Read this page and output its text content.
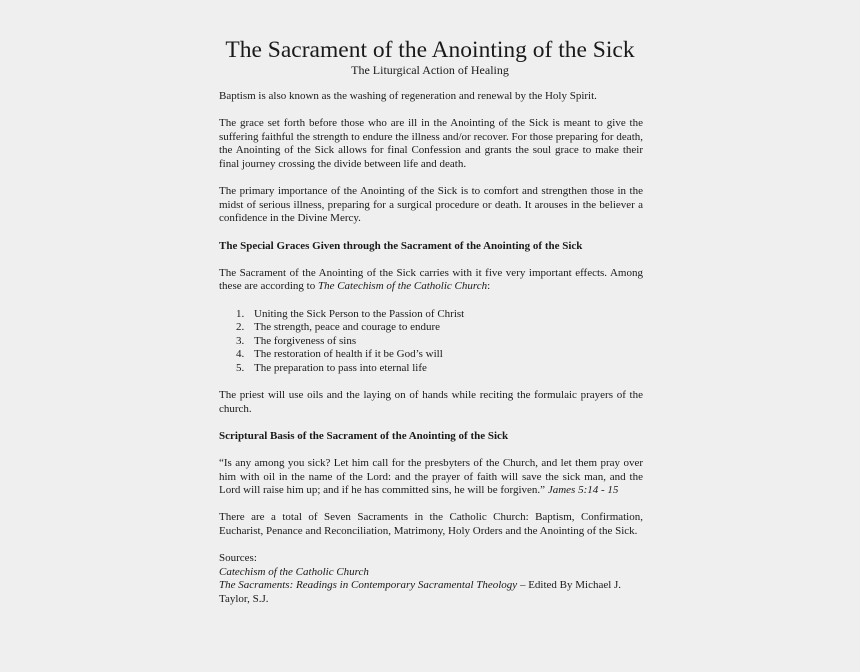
The Sacrament of the Anointing of the Sick
The Liturgical Action of Healing

Baptism is also known as the washing of regeneration and renewal by the Holy Spirit.

The grace set forth before those who are ill in the Anointing of the Sick is meant to give the suffering faithful the strength to endure the illness and/or recover. For those preparing for death, the Anointing of the Sick allows for final Confession and grants the soul grace to make their final journey crossing the divide between life and death.

The primary importance of the Anointing of the Sick is to comfort and strengthen those in the midst of serious illness, preparing for a surgical procedure or death. It arouses in the believer a confidence in the Divine Mercy.

The Special Graces Given through the Sacrament of the Anointing of the Sick

The Sacrament of the Anointing of the Sick carries with it five very important effects. Among these are according to The Catechism of the Catholic Church:

1. Uniting the Sick Person to the Passion of Christ
2. The strength, peace and courage to endure
3. The forgiveness of sins
4. The restoration of health if it be God’s will
5. The preparation to pass into eternal life

The priest will use oils and the laying on of hands while reciting the formulaic prayers of the church.

Scriptural Basis of the Sacrament of the Anointing of the Sick

“Is any among you sick? Let him call for the presbyters of the Church, and let them pray over him with oil in the name of the Lord: and the prayer of faith will save the sick man, and the Lord will raise him up; and if he has committed sins, he will be forgiven.” James 5:14 - 15

There are a total of Seven Sacraments in the Catholic Church: Baptism, Confirmation, Eucharist, Penance and Reconciliation, Matrimony, Holy Orders and the Anointing of the Sick.

Sources:

Catechism of the Catholic Church

The Sacraments: Readings in Contemporary Sacramental Theology – Edited By Michael J. Taylor, S.J.
